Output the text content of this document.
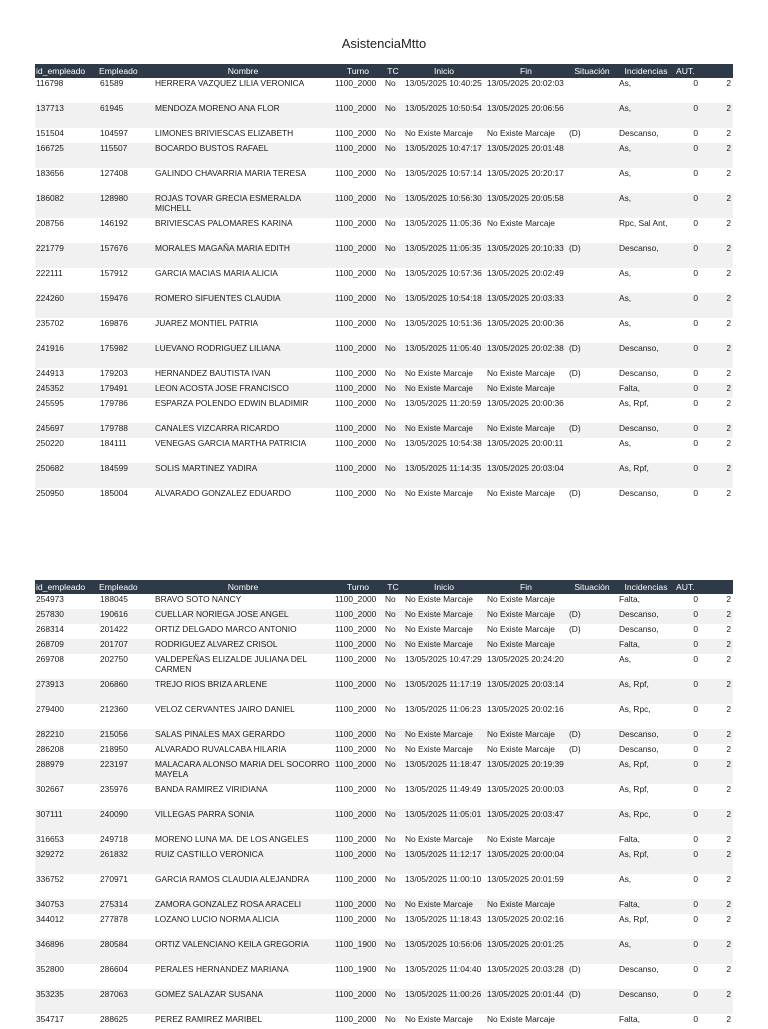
AsistenciaMtto
id_empleado	Empleado	Nombre	Turno	TC	Inicio	Fin	Situación	Incidencias	AUT.	
116798	61589	HERRERA VAZQUEZ LILIA VERONICA	1100_2000	No	13/05/2025 10:40:25	13/05/2025 20:02:03		As,	0	2
137713	61945	MENDOZA MORENO ANA FLOR	1100_2000	No	13/05/2025 10:50:54	13/05/2025 20:06:56		As,	0	2
151504	104597	LIMONES BRIVIESCAS ELIZABETH	1100_2000	No	No Existe Marcaje	No Existe Marcaje	(D)	Descanso,	0	2
166725	115507	BOCARDO BUSTOS RAFAEL	1100_2000	No	13/05/2025 10:47:17	13/05/2025 20:01:48		As,	0	2
183656	127408	GALINDO CHAVARRIA MARIA TERESA	1100_2000	No	13/05/2025 10:57:14	13/05/2025 20:20:17		As,	0	2
186082	128980	ROJAS TOVAR GRECIA ESMERALDA MICHELL	1100_2000	No	13/05/2025 10:56:30	13/05/2025 20:05:58		As,	0	2
208756	146192	BRIVIESCAS PALOMARES KARINA	1100_2000	No	13/05/2025 11:05:36	No Existe Marcaje		Rpc, Sal Ant,	0	2
221779	157676	MORALES MAGAÑA MARIA EDITH	1100_2000	No	13/05/2025 11:05:35	13/05/2025 20:10:33	(D)	Descanso,	0	2
222111	157912	GARCIA MACIAS MARIA ALICIA	1100_2000	No	13/05/2025 10:57:36	13/05/2025 20:02:49		As,	0	2
224260	159476	ROMERO SIFUENTES CLAUDIA	1100_2000	No	13/05/2025 10:54:18	13/05/2025 20:03:33		As,	0	2
235702	169876	JUAREZ MONTIEL PATRIA	1100_2000	No	13/05/2025 10:51:36	13/05/2025 20:00:36		As,	0	2
241916	175982	LUEVANO RODRIGUEZ LILIANA	1100_2000	No	13/05/2025 11:05:40	13/05/2025 20:02:38	(D)	Descanso,	0	2
244913	179203	HERNANDEZ BAUTISTA IVAN	1100_2000	No	No Existe Marcaje	No Existe Marcaje	(D)	Descanso,	0	2
245352	179491	LEON ACOSTA JOSE FRANCISCO	1100_2000	No	No Existe Marcaje	No Existe Marcaje		Falta,	0	2
245595	179786	ESPARZA POLENDO EDWIN BLADIMIR	1100_2000	No	13/05/2025 11:20:59	13/05/2025 20:00:36		As, Rpf,	0	2
245697	179788	CANALES VIZCARRA RICARDO	1100_2000	No	No Existe Marcaje	No Existe Marcaje	(D)	Descanso,	0	2
250220	184111	VENEGAS GARCIA MARTHA PATRICIA	1100_2000	No	13/05/2025 10:54:38	13/05/2025 20:00:11		As,	0	2
250682	184599	SOLIS MARTINEZ YADIRA	1100_2000	No	13/05/2025 11:14:35	13/05/2025 20:03:04		As, Rpf,	0	2
250950	185004	ALVARADO GONZALEZ EDUARDO	1100_2000	No	No Existe Marcaje	No Existe Marcaje	(D)	Descanso,	0	2
id_empleado	Empleado	Nombre	Turno	TC	Inicio	Fin	Situación	Incidencias	AUT.	
254973	188045	BRAVO SOTO NANCY	1100_2000	No	No Existe Marcaje	No Existe Marcaje		Falta,	0	2
257830	190616	CUELLAR NORIEGA JOSE ANGEL	1100_2000	No	No Existe Marcaje	No Existe Marcaje	(D)	Descanso,	0	2
268314	201422	ORTIZ DELGADO MARCO ANTONIO	1100_2000	No	No Existe Marcaje	No Existe Marcaje	(D)	Descanso,	0	2
268709	201707	RODRIGUEZ ALVAREZ CRISOL	1100_2000	No	No Existe Marcaje	No Existe Marcaje		Falta,	0	2
269708	202750	VALDEPEÑAS ELIZALDE JULIANA DEL CARMEN	1100_2000	No	13/05/2025 10:47:29	13/05/2025 20:24:20		As,	0	2
273913	206860	TREJO RIOS BRIZA ARLENE	1100_2000	No	13/05/2025 11:17:19	13/05/2025 20:03:14		As, Rpf,	0	2
279400	212360	VELOZ CERVANTES JAIRO DANIEL	1100_2000	No	13/05/2025 11:06:23	13/05/2025 20:02:16		As, Rpc,	0	2
282210	215056	SALAS PINALES MAX GERARDO	1100_2000	No	No Existe Marcaje	No Existe Marcaje	(D)	Descanso,	0	2
286208	218950	ALVARADO RUVALCABA HILARIA	1100_2000	No	No Existe Marcaje	No Existe Marcaje	(D)	Descanso,	0	2
288979	223197	MALACARA ALONSO MARIA DEL SOCORRO MAYELA	1100_2000	No	13/05/2025 11:18:47	13/05/2025 20:19:39		As, Rpf,	0	2
302667	235976	BANDA RAMIREZ VIRIDIANA	1100_2000	No	13/05/2025 11:49:49	13/05/2025 20:00:03		As, Rpf,	0	2
307111	240090	VILLEGAS PARRA SONIA	1100_2000	No	13/05/2025 11:05:01	13/05/2025 20:03:47		As, Rpc,	0	2
316653	249718	MORENO LUNA MA. DE LOS ANGELES	1100_2000	No	No Existe Marcaje	No Existe Marcaje		Falta,	0	2
329272	261832	RUIZ CASTILLO VERONICA	1100_2000	No	13/05/2025 11:12:17	13/05/2025 20:00:04		As, Rpf,	0	2
336752	270971	GARCIA RAMOS CLAUDIA ALEJANDRA	1100_2000	No	13/05/2025 11:00:10	13/05/2025 20:01:59		As,	0	2
340753	275314	ZAMORA GONZALEZ ROSA ARACELI	1100_2000	No	No Existe Marcaje	No Existe Marcaje		Falta,	0	2
344012	277878	LOZANO LUCIO NORMA ALICIA	1100_2000	No	13/05/2025 11:18:43	13/05/2025 20:02:16		As, Rpf,	0	2
346896	280584	ORTIZ VALENCIANO KEILA GREGORIA	1100_1900	No	13/05/2025 10:56:06	13/05/2025 20:01:25		As,	0	2
352800	286604	PERALES HERNANDEZ MARIANA	1100_1900	No	13/05/2025 11:04:40	13/05/2025 20:03:28	(D)	Descanso,	0	2
353235	287063	GOMEZ SALAZAR SUSANA	1100_2000	No	13/05/2025 11:00:26	13/05/2025 20:01:44	(D)	Descanso,	0	2
354717	288625	PEREZ RAMIREZ MARIBEL	1100_2000	No	No Existe Marcaje	No Existe Marcaje		Falta,	0	2
